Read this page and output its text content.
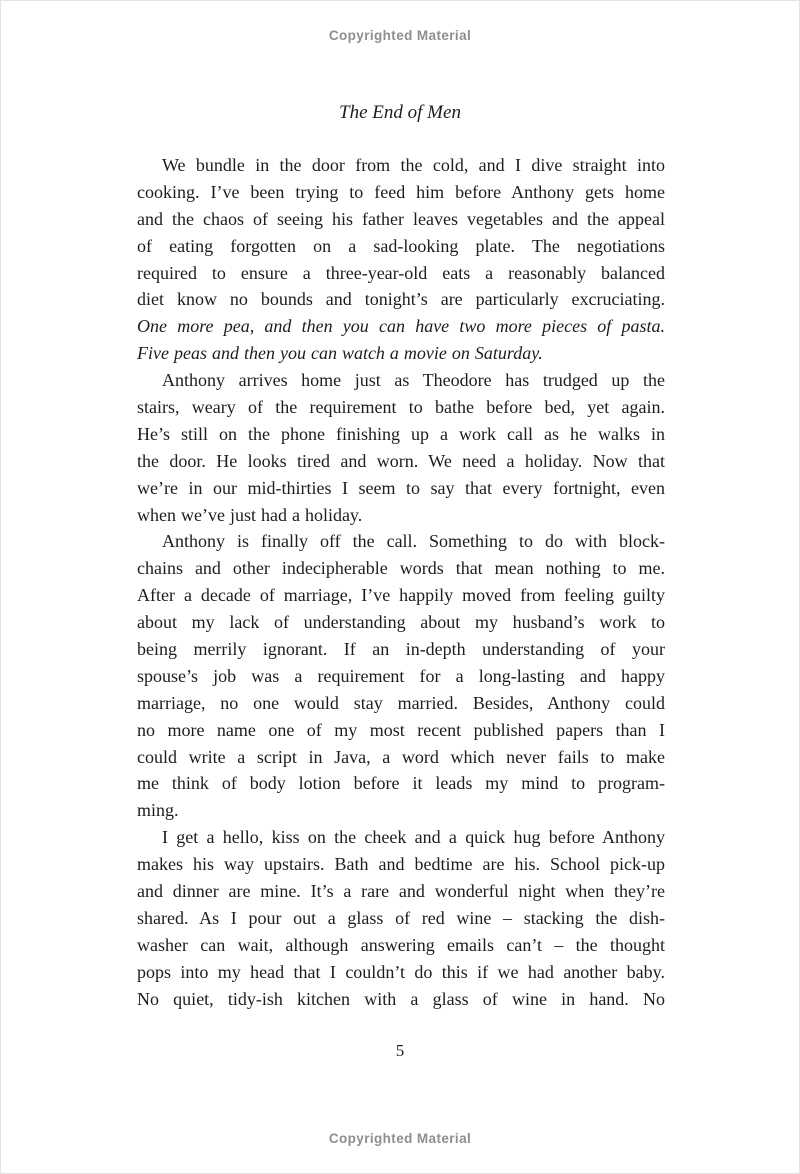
Copyrighted Material
The End of Men
We bundle in the door from the cold, and I dive straight into
cooking. I’ve been trying to feed him before Anthony gets home
and the chaos of seeing his father leaves vegetables and the appeal
of eating forgotten on a sad-looking plate. The negotiations
required to ensure a three-year-old eats a reasonably balanced
diet know no bounds and tonight’s are particularly excruciating.
One more pea, and then you can have two more pieces of pasta.
Five peas and then you can watch a movie on Saturday.
Anthony arrives home just as Theodore has trudged up the
stairs, weary of the requirement to bathe before bed, yet again.
He’s still on the phone finishing up a work call as he walks in
the door. He looks tired and worn. We need a holiday. Now that
we’re in our mid-thirties I seem to say that every fortnight, even
when we’ve just had a holiday.
Anthony is finally off the call. Something to do with block-
chains and other indecipherable words that mean nothing to me.
After a decade of marriage, I’ve happily moved from feeling guilty
about my lack of understanding about my husband’s work to
being merrily ignorant. If an in-depth understanding of your
spouse’s job was a requirement for a long-lasting and happy
marriage, no one would stay married. Besides, Anthony could
no more name one of my most recent published papers than I
could write a script in Java, a word which never fails to make
me think of body lotion before it leads my mind to program-
ming.
I get a hello, kiss on the cheek and a quick hug before Anthony
makes his way upstairs. Bath and bedtime are his. School pick-up
and dinner are mine. It’s a rare and wonderful night when they’re
shared. As I pour out a glass of red wine – stacking the dish-
washer can wait, although answering emails can’t – the thought
pops into my head that I couldn’t do this if we had another baby.
No quiet, tidy-ish kitchen with a glass of wine in hand. No
5
Copyrighted Material
